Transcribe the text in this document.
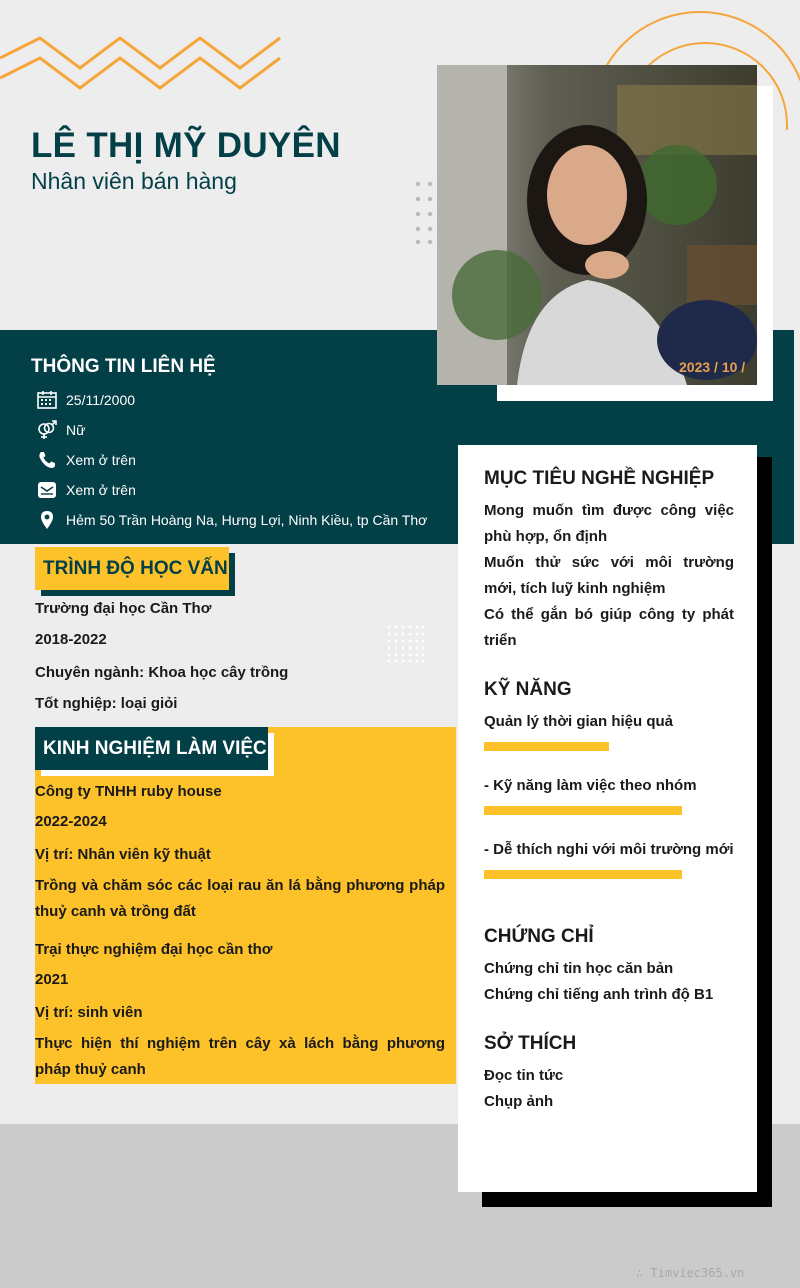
LÊ THỊ MỸ DUYÊN
Nhân viên bán hàng
2023 / 10 /
THÔNG TIN LIÊN HỆ
25/11/2000
Nữ
Xem ở trên
Xem ở trên
Hẻm 50 Trần Hoàng Na, Hưng Lợi, Ninh Kiều, tp Cần Thơ
TRÌNH ĐỘ HỌC VẤN
Trường đại học Cần Thơ
2018-2022
Chuyên ngành: Khoa học cây trồng
Tốt nghiệp: loại giỏi
KINH NGHIỆM LÀM VIỆC
Công ty TNHH ruby house
2022-2024
Vị trí: Nhân viên kỹ thuật
Trồng và chăm sóc các loại rau ăn lá bằng phương pháp thuỷ canh và trồng đất
Trại thực nghiệm đại học cần thơ
2021
Vị trí: sinh viên
Thực hiện thí nghiệm trên cây xà lách bằng phương pháp thuỷ canh
MỤC TIÊU NGHỀ NGHIỆP
Mong muốn tìm được công việc phù hợp, ổn định
Muốn thử sức với môi trường mới, tích luỹ kinh nghiệm
Có thể gắn bó giúp công ty phát triển
KỸ NĂNG
Quản lý thời gian hiệu quả
- Kỹ năng làm việc theo nhóm
- Dễ thích nghi với môi trường mới
CHỨNG CHỈ
Chứng chỉ tin học căn bản
Chứng chỉ tiếng anh trình độ B1
SỞ THÍCH
Đọc tin tức
Chụp ảnh
∴ Timviec365.vn
